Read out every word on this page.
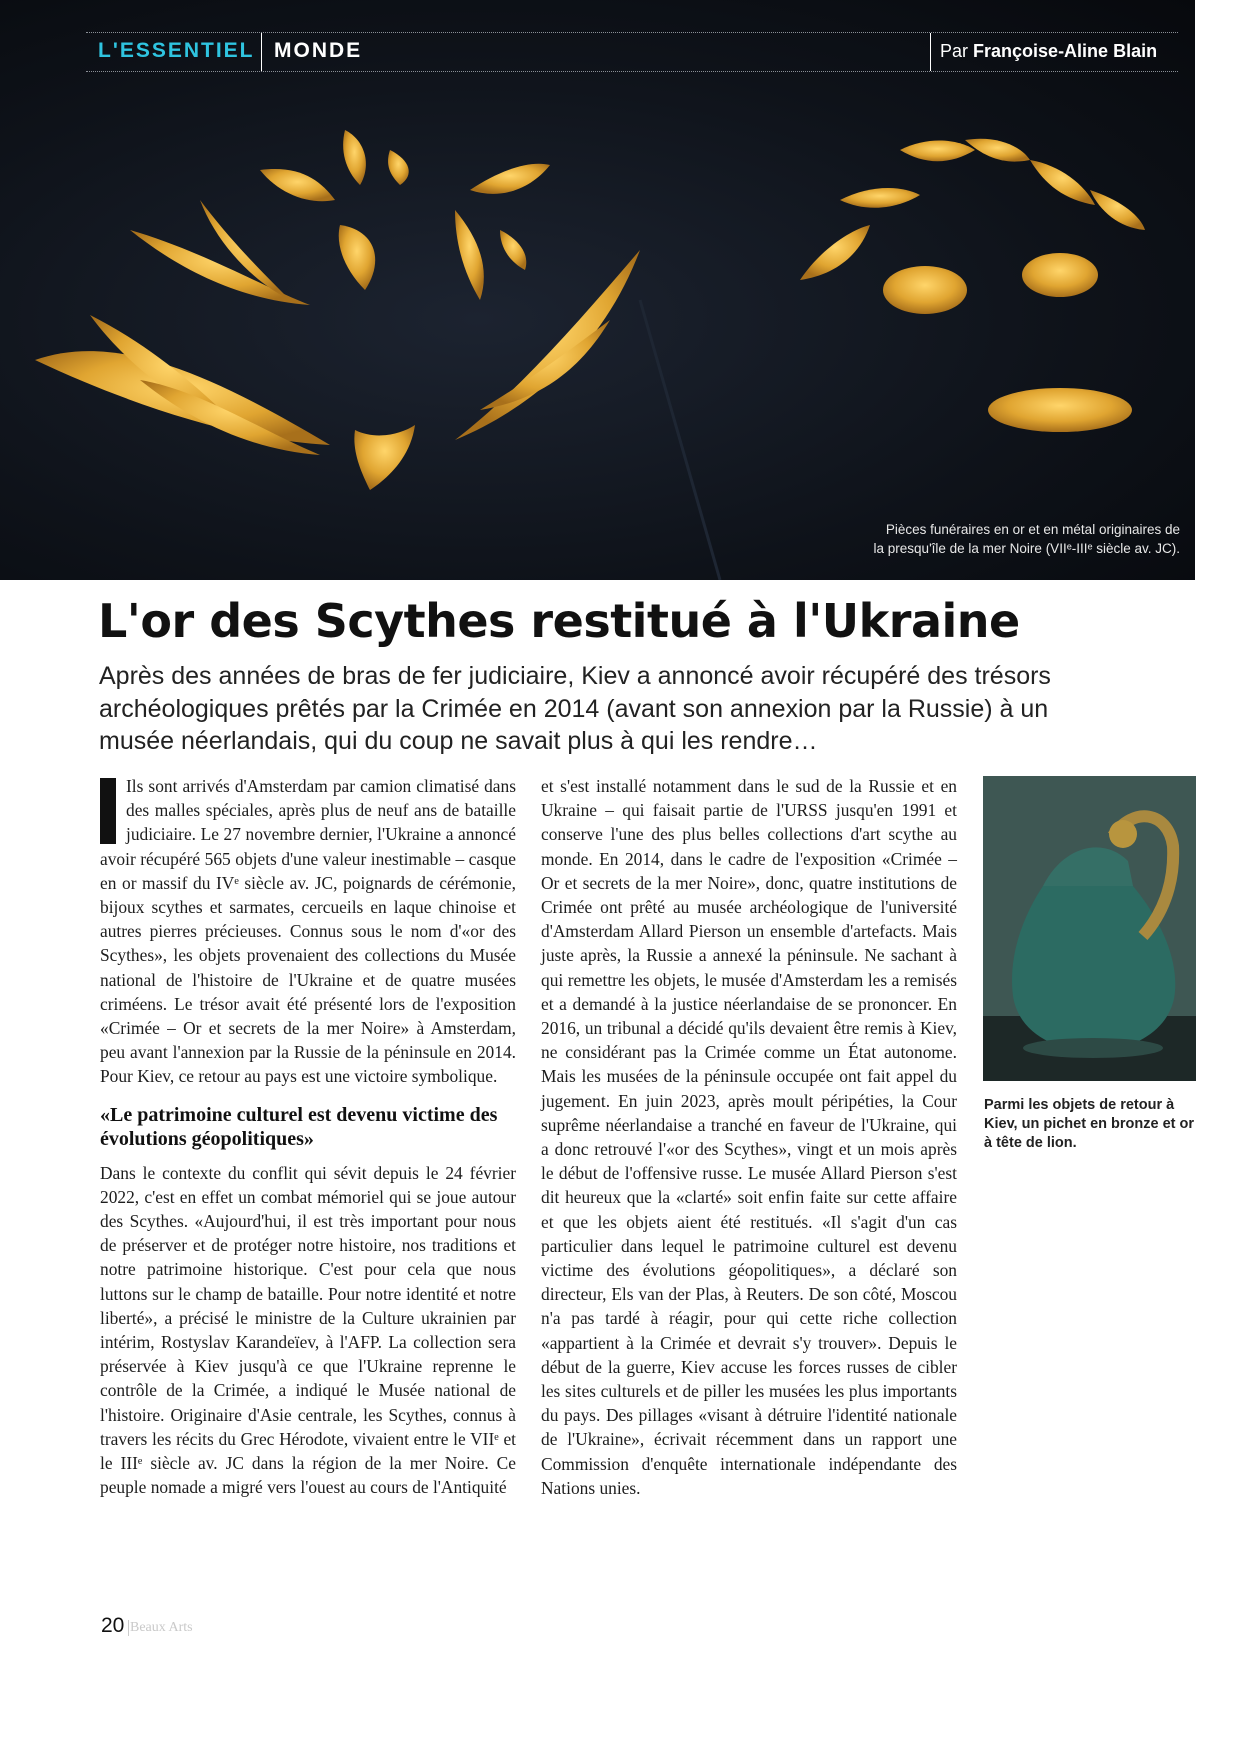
L'ESSENTIEL MONDE	Par Françoise-Aline Blain
Pièces funéraires en or et en métal originaires de
la presqu'île de la mer Noire (VIIᵉ-IIIᵉ siècle av. JC).
L'or des Scythes restitué à l'Ukraine

Après des années de bras de fer judiciaire, Kiev a annoncé avoir récupéré des trésors archéologiques prêtés par la Crimée en 2014 (avant son annexion par la Russie) à un musée néerlandais, qui du coup ne savait plus à qui les rendre…

Ils sont arrivés d'Amsterdam par camion climatisé dans des malles spéciales, après plus de neuf ans de bataille judiciaire. Le 27 novembre dernier, l'Ukraine a annoncé avoir récupéré 565 objets d'une valeur inestimable – casque en or massif du IVᵉ siècle av. JC, poignards de cérémonie, bijoux scythes et sarmates, cercueils en laque chinoise et autres pierres précieuses. Connus sous le nom d'«or des Scythes», les objets provenaient des collections du Musée national de l'histoire de l'Ukraine et de quatre musées criméens. Le trésor avait été présenté lors de l'exposition «Crimée – Or et secrets de la mer Noire» à Amsterdam, peu avant l'annexion par la Russie de la péninsule en 2014. Pour Kiev, ce retour au pays est une victoire symbolique.

«Le patrimoine culturel est devenu victime des évolutions géopolitiques»

Dans le contexte du conflit qui sévit depuis le 24 février 2022, c'est en effet un combat mémoriel qui se joue autour des Scythes. «Aujourd'hui, il est très important pour nous de préserver et de protéger notre histoire, nos traditions et notre patrimoine historique. C'est pour cela que nous luttons sur le champ de bataille. Pour notre identité et notre liberté», a précisé le ministre de la Culture ukrainien par intérim, Rostyslav Karandeïev, à l'AFP. La collection sera préservée à Kiev jusqu'à ce que l'Ukraine reprenne le contrôle de la Crimée, a indiqué le Musée national de l'histoire. Originaire d'Asie centrale, les Scythes, connus à travers les récits du Grec Hérodote, vivaient entre le VIIᵉ et le IIIᵉ siècle av. JC dans la région de la mer Noire. Ce peuple nomade a migré vers l'ouest au cours de l'Antiquité

et s'est installé notamment dans le sud de la Russie et en Ukraine – qui faisait partie de l'URSS jusqu'en 1991 et conserve l'une des plus belles collections d'art scythe au monde. En 2014, dans le cadre de l'exposition «Crimée – Or et secrets de la mer Noire», donc, quatre institutions de Crimée ont prêté au musée archéologique de l'université d'Amsterdam Allard Pierson un ensemble d'artefacts. Mais juste après, la Russie a annexé la péninsule. Ne sachant à qui remettre les objets, le musée d'Amsterdam les a remisés et a demandé à la justice néerlandaise de se prononcer. En 2016, un tribunal a décidé qu'ils devaient être remis à Kiev, ne considérant pas la Crimée comme un État autonome. Mais les musées de la péninsule occupée ont fait appel du jugement. En juin 2023, après moult péripéties, la Cour suprême néerlandaise a tranché en faveur de l'Ukraine, qui a donc retrouvé l'«or des Scythes», vingt et un mois après le début de l'offensive russe. Le musée Allard Pierson s'est dit heureux que la «clarté» soit enfin faite sur cette affaire et que les objets aient été restitués. «Il s'agit d'un cas particulier dans lequel le patrimoine culturel est devenu victime des évolutions géopolitiques», a déclaré son directeur, Els van der Plas, à Reuters. De son côté, Moscou n'a pas tardé à réagir, pour qui cette riche collection «appartient à la Crimée et devrait s'y trouver». Depuis le début de la guerre, Kiev accuse les forces russes de cibler les sites culturels et de piller les musées les plus importants du pays. Des pillages «visant à détruire l'identité nationale de l'Ukraine», écrivait récemment dans un rapport une Commission d'enquête internationale indépendante des Nations unies.

Parmi les objets de retour à Kiev, un pichet en bronze et or à tête de lion.
20 Beaux Arts
